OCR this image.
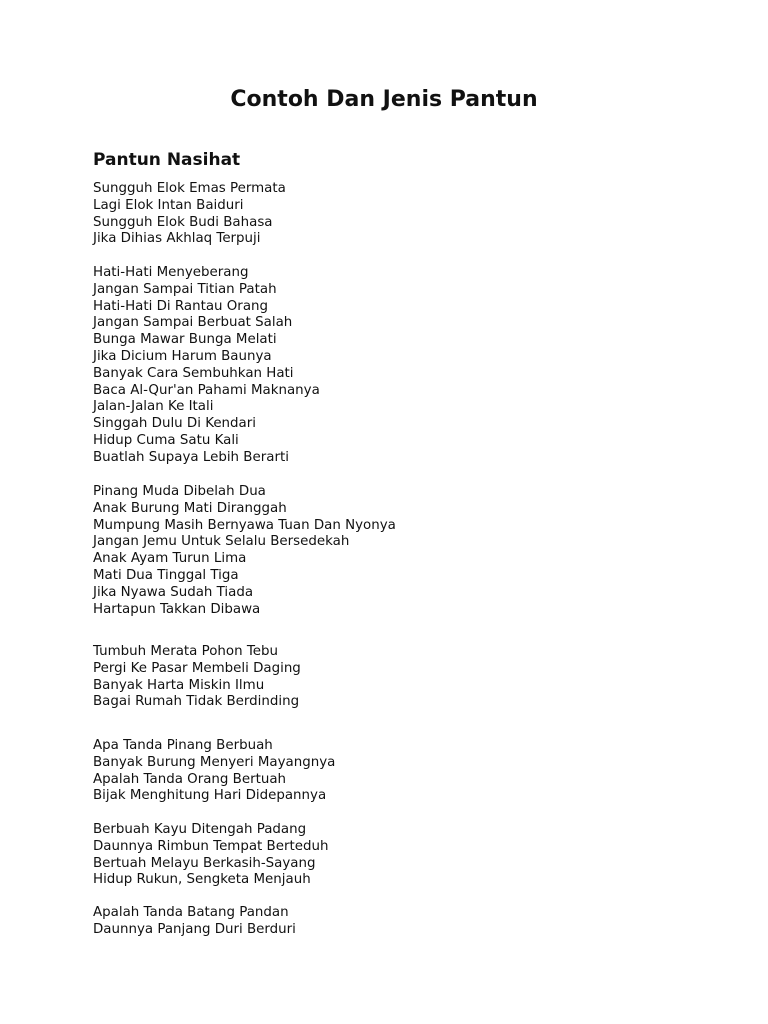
Contoh Dan Jenis Pantun
Pantun Nasihat
Sungguh Elok Emas Permata
Lagi Elok Intan Baiduri
Sungguh Elok Budi Bahasa
Jika Dihias Akhlaq Terpuji
Hati-Hati Menyeberang
Jangan Sampai Titian Patah
Hati-Hati Di Rantau Orang
Jangan Sampai Berbuat Salah
Bunga Mawar Bunga Melati
Jika Dicium Harum Baunya
Banyak Cara Sembuhkan Hati
Baca Al-Qur'an Pahami Maknanya
Jalan-Jalan Ke Itali
Singgah Dulu Di Kendari
Hidup Cuma Satu Kali
Buatlah Supaya Lebih Berarti
Pinang Muda Dibelah Dua
Anak Burung Mati Diranggah
Mumpung Masih Bernyawa Tuan Dan Nyonya
Jangan Jemu Untuk Selalu Bersedekah
Anak Ayam Turun Lima
Mati Dua Tinggal Tiga
Jika Nyawa Sudah Tiada
Hartapun Takkan Dibawa
Tumbuh Merata Pohon Tebu
Pergi Ke Pasar Membeli Daging
Banyak Harta Miskin Ilmu
Bagai Rumah Tidak Berdinding
Apa Tanda Pinang Berbuah
Banyak Burung Menyeri Mayangnya
Apalah Tanda Orang Bertuah
Bijak Menghitung Hari Didepannya
Berbuah Kayu Ditengah Padang
Daunnya Rimbun Tempat Berteduh
Bertuah Melayu Berkasih-Sayang
Hidup Rukun, Sengketa Menjauh
Apalah Tanda Batang Pandan
Daunnya Panjang Duri Berduri
